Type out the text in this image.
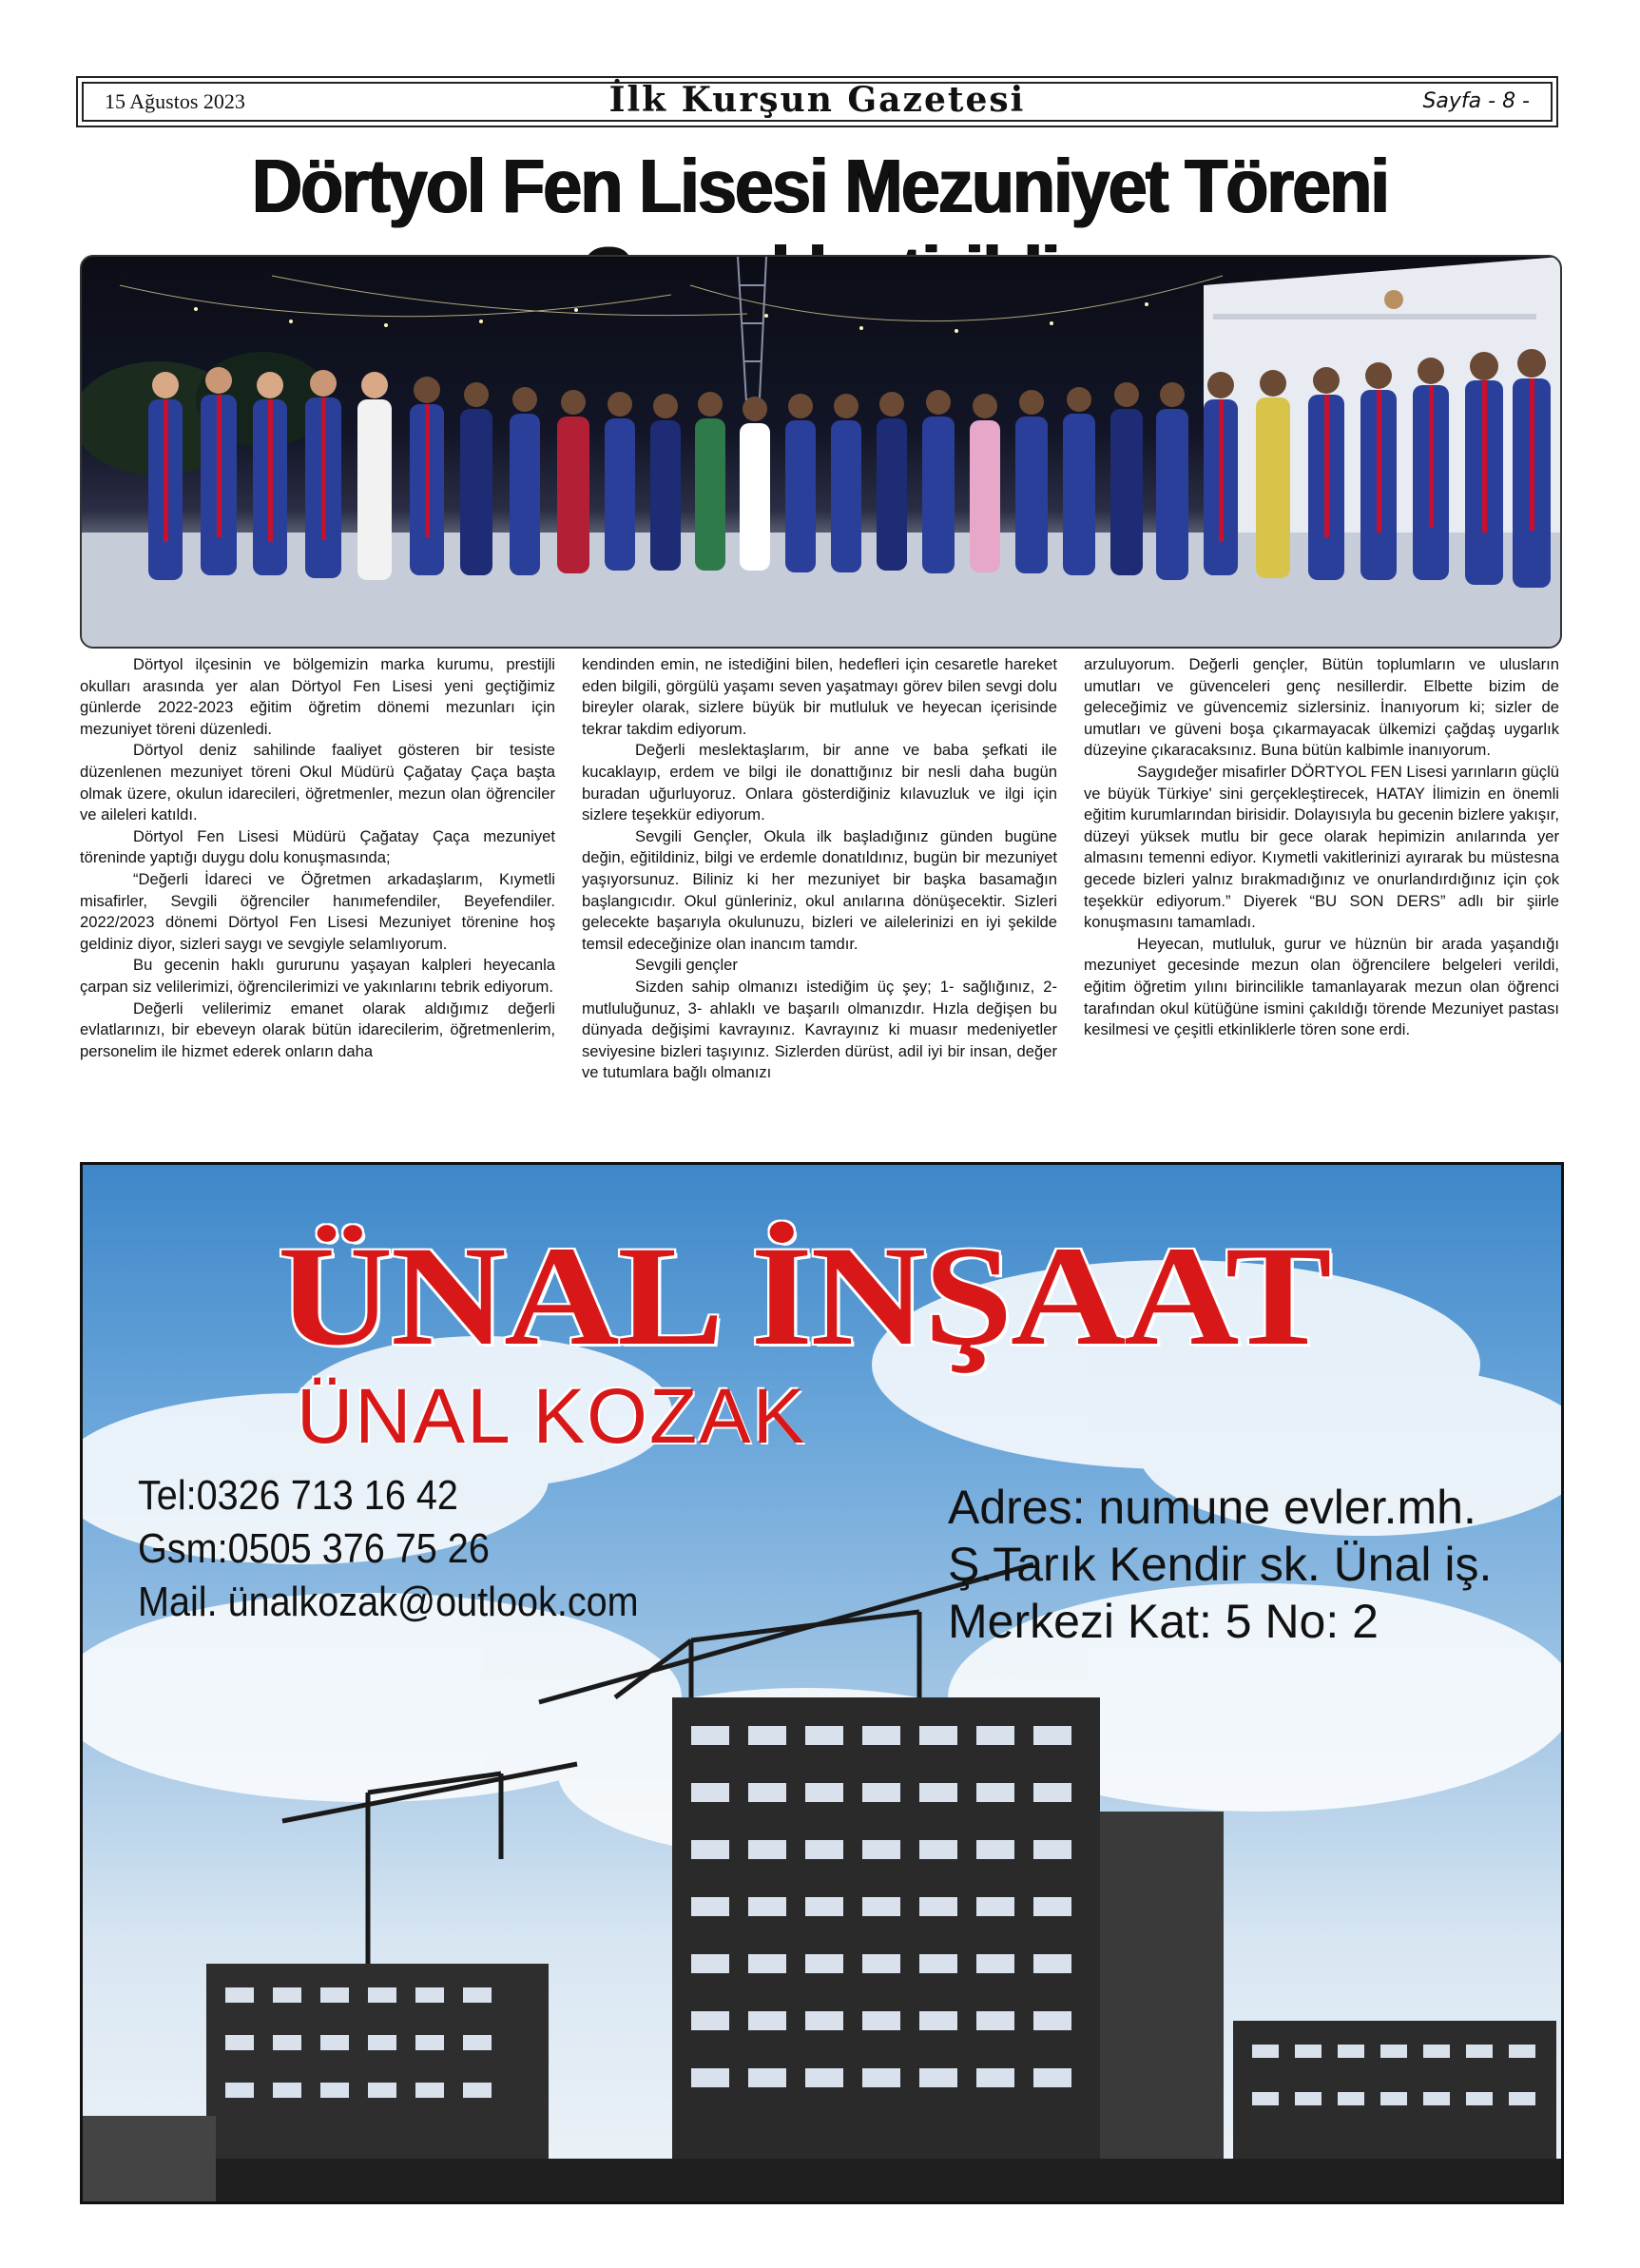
15 Ağustos 2023	İlk Kurşun Gazetesi	Sayfa - 8 -
Dörtyol Fen Lisesi Mezuniyet Töreni

Dörtyol ilçesinin ve bölgemizin marka kurumu, prestijli okulları arasında yer alan Dörtyol Fen Lisesi yeni geçtiğimiz günlerde 2022-2023 eğitim öğretim dönemi mezunları için mezuniyet töreni düzenledi.

Dörtyol deniz sahilinde faaliyet gösteren bir tesiste düzenlenen mezuniyet töreni Okul Müdürü Çağatay Çaça başta olmak üzere, okulun idarecileri, öğretmenler, mezun olan öğrenciler ve aileleri katıldı.

Dörtyol Fen Lisesi Müdürü Çağatay Çaça mezuniyet töreninde yaptığı duygu dolu konuşmasında;

“Değerli İdareci ve Öğretmen arkadaşlarım, Kıymetli misafirler, Sevgili öğrenciler hanımefendiler, Beyefendiler. 2022/2023 dönemi Dörtyol Fen Lisesi Mezuniyet törenine hoş geldiniz diyor, sizleri saygı ve sevgiyle selamlıyorum.

Bu gecenin haklı gururunu yaşayan kalpleri heyecanla çarpan siz velilerimizi, öğrencilerimizi ve yakınlarını tebrik ediyorum.

Değerli velilerimiz emanet olarak aldığımız değerli evlatlarınızı, bir ebeveyn olarak bütün idarecilerim, öğretmenlerim, personelim ile hizmet ederek onların daha

kendinden emin, ne istediğini bilen, hedefleri için cesaretle hareket eden bilgili, görgülü yaşamı seven yaşatmayı görev bilen sevgi dolu bireyler olarak, sizlere büyük bir mutluluk ve heyecan içerisinde tekrar takdim ediyorum.

Değerli meslektaşlarım, bir anne ve baba şefkati ile kucaklayıp, erdem ve bilgi ile donattığınız bir nesli daha bugün buradan uğurluyoruz. Onlara gösterdiğiniz kılavuzluk ve ilgi için sizlere teşekkür ediyorum.

Sevgili Gençler, Okula ilk başladığınız günden bugüne değin, eğitildiniz, bilgi ve erdemle donatıldınız, bugün bir mezuniyet yaşıyorsunuz. Biliniz ki her mezuniyet bir başka basamağın başlangıcıdır. Okul günleriniz, okul anılarına dönüşecektir. Sizleri gelecekte başarıyla okulunuzu, bizleri ve ailelerinizi en iyi şekilde temsil edeceğinize olan inancım tamdır.

Sevgili gençler

Sizden sahip olmanızı istediğim üç şey; 1- sağlığınız, 2- mutluluğunuz, 3- ahlaklı ve başarılı olmanızdır. Hızla değişen bu dünyada değişimi kavrayınız. Kavrayınız ki muasır medeniyetler seviyesine bizleri taşıyınız. Sizlerden dürüst, adil iyi bir insan, değer ve tutumlara bağlı olmanızı

arzuluyorum. Değerli gençler, Bütün toplumların ve ulusların umutları ve güvenceleri genç nesillerdir. Elbette bizim de geleceğimiz ve güvencemiz sizlersiniz. İnanıyorum ki; sizler de umutları ve güveni boşa çıkarmayacak ülkemizi çağdaş uygarlık düzeyine çıkaracaksınız. Buna bütün kalbimle inanıyorum.

Saygıdeğer misafirler DÖRTYOL FEN Lisesi yarınların güçlü ve büyük Türkiye' sini gerçekleştirecek, HATAY İlimizin en önemli eğitim kurumlarından birisidir. Dolayısıyla bu gecenin bizlere yakışır, düzeyi yüksek mutlu bir gece olarak hepimizin anılarında yer almasını temenni ediyor. Kıymetli vakitlerinizi ayırarak bu müstesna gecede bizleri yalnız bırakmadığınız ve onurlandırdığınız için çok teşekkür ediyorum.” Diyerek “BU SON DERS” adlı bir şiirle konuşmasını tamamladı.

Heyecan, mutluluk, gurur ve hüznün bir arada yaşandığı mezuniyet gecesinde mezun olan öğrencilere belgeleri verildi, eğitim öğretim yılını birincilikle tamanlayarak mezun olan öğrenci tarafından okul kütüğüne ismini çakıldığı törende Mezuniyet pastası kesilmesi ve çeşitli etkinliklerle tören sone erdi.

ÜNAL İNŞAAT
ÜNAL KOZAK
Tel:0326 713 16 42
Gsm:0505 376 75 26
Mail. ünalkozak@outlook.com
Adres: numune evler.mh.
Ş.Tarık Kendir sk. Ünal iş.
Merkezi Kat: 5 No: 2
